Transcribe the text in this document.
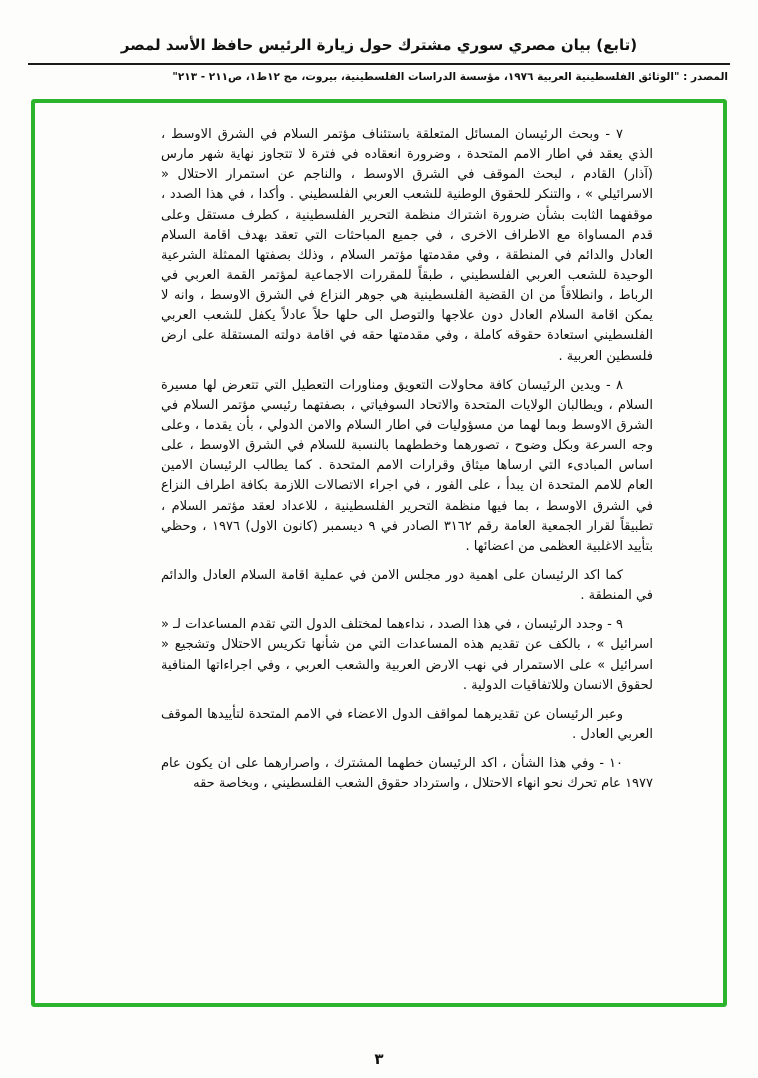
(تابع) بيان مصري سوري مشترك حول زيارة الرئيس حافظ الأسد لمصر
المصدر : "الوثائق الفلسطينية العربية ١٩٧٦، مؤسسة الدراسات الفلسطينية، بيروت، مج ١٢ط١، ص٢١١ - ٢١٣"

٧ - وبحث الرئيسان المسائل المتعلقة باستئناف مؤتمر السلام في الشرق الاوسط ، الذي يعقد في اطار الامم المتحدة ، وضرورة انعقاده في فترة لا تتجاوز نهاية شهر مارس (آذار) القادم ، لبحث الموقف في الشرق الاوسط ، والناجم عن استمرار الاحتلال « الاسرائيلي » ، والتنكر للحقوق الوطنية للشعب العربي الفلسطيني . وأكدا ، في هذا الصدد ، موقفهما الثابت بشأن ضرورة اشتراك منظمة التحرير الفلسطينية ، كطرف مستقل وعلى قدم المساواة مع الاطراف الاخرى ، في جميع المباحثات التي تعقد بهدف اقامة السلام العادل والدائم في المنطقة ، وفي مقدمتها مؤتمر السلام ، وذلك بصفتها الممثلة الشرعية الوحيدة للشعب العربي الفلسطيني ، طبقاً للمقررات الاجماعية لمؤتمر القمة العربي في الرباط ، وانطلاقاً من ان القضية الفلسطينية هي جوهر النزاع في الشرق الاوسط ، وانه لا يمكن اقامة السلام العادل دون علاجها والتوصل الى حلها حلاً عادلاً يكفل للشعب العربي الفلسطيني استعادة حقوقه كاملة ، وفي مقدمتها حقه في اقامة دولته المستقلة على ارض فلسطين العربية .

٨ - ويدين الرئيسان كافة محاولات التعويق ومناورات التعطيل التي تتعرض لها مسيرة السلام ، ويطالبان الولايات المتحدة والاتحاد السوفياتي ، بصفتهما رئيسي مؤتمر السلام في الشرق الاوسط وبما لهما من مسؤوليات في اطار السلام والامن الدولي ، بأن يقدما ، وعلى وجه السرعة وبكل وضوح ، تصورهما وخططهما بالنسبة للسلام في الشرق الاوسط ، على اساس المبادىء التي ارساها ميثاق وقرارات الامم المتحدة . كما يطالب الرئيسان الامين العام للامم المتحدة ان يبدأ ، على الفور ، في اجراء الاتصالات اللازمة بكافة اطراف النزاع في الشرق الاوسط ، بما فيها منظمة التحرير الفلسطينية ، للاعداد لعقد مؤتمر السلام ، تطبيقاً لقرار الجمعية العامة رقم ٣١٦٢ الصادر في ٩ ديسمبر (كانون الاول) ١٩٧٦ ، وحظي بتأييد الاغلبية العظمى من اعضائها .

كما اكد الرئيسان على اهمية دور مجلس الامن في عملية اقامة السلام العادل والدائم في المنطقة .

٩ - وجدد الرئيسان ، في هذا الصدد ، نداءهما لمختلف الدول التي تقدم المساعدات لـ « اسرائيل » ، بالكف عن تقديم هذه المساعدات التي من شأنها تكريس الاحتلال وتشجيع « اسرائيل » على الاستمرار في نهب الارض العربية والشعب العربي ، وفي اجراءاتها المنافية لحقوق الانسان وللاتفاقيات الدولية .

وعبر الرئيسان عن تقديرهما لمواقف الدول الاعضاء في الامم المتحدة لتأييدها الموقف العربي العادل .

١٠ - وفي هذا الشأن ، اكد الرئيسان خطهما المشترك ، واصرارهما على ان يكون عام ١٩٧٧ عام تحرك نحو انهاء الاحتلال ، واسترداد حقوق الشعب الفلسطيني ، وبخاصة حقه

٣
